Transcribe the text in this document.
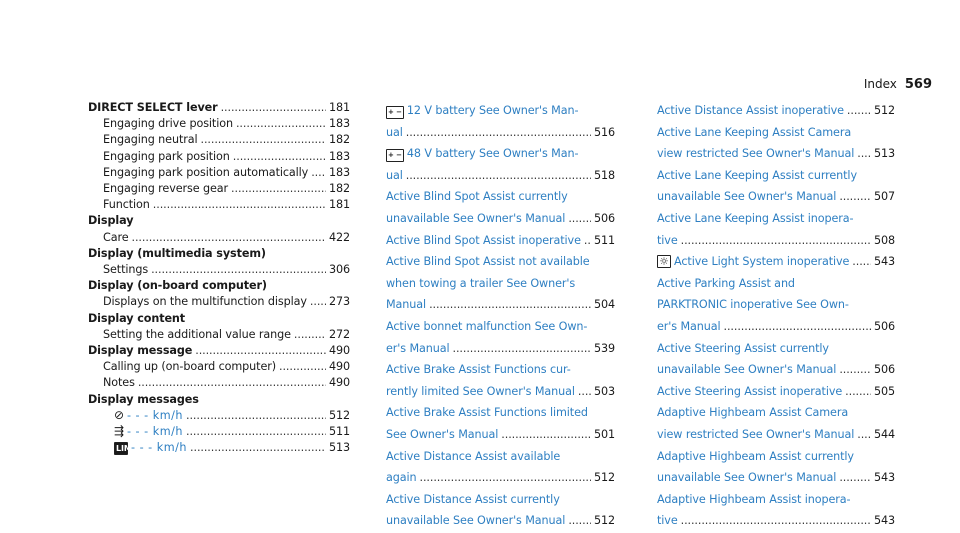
Index 569
DIRECT SELECT lever .....	181
Engaging drive position .....	183
Engaging neutral .....	182
Engaging park position .....	183
Engaging park position automatically ..... 183
Engaging reverse gear .....	182
Function .....	181
Display
Care .....	422
Display (multimedia system)
Settings .....	306
Display (on-board computer)
Displays on the multifunction display ..... 273
Display content
Setting the additional value range .....	272
Display message .....	490
Calling up (on-board computer) .....	490
Notes .....	490
Display messages
⊘ - - - km/h .....	512
⇶ - - - km/h .....	511
LIM - - - km/h .....	513
+ − 12 V battery See Owner's Man-
ual .....	516
+ − 48 V battery See Owner's Man-
ual .....	518
Active Blind Spot Assist currently
unavailable See Owner's Manual .....	506
Active Blind Spot Assist inoperative ..... 511
Active Blind Spot Assist not available
when towing a trailer See Owner's
Manual .....	504
Active bonnet malfunction See Own-
er's Manual .....	539
Active Brake Assist Functions cur-
rently limited See Owner's Manual ..... 503
Active Brake Assist Functions limited
See Owner's Manual .....	501
Active Distance Assist available
again .....	512
Active Distance Assist currently
unavailable See Owner's Manual .....	512
Active Distance Assist inoperative .....	512
Active Lane Keeping Assist Camera
view restricted See Owner's Manual ..... 513
Active Lane Keeping Assist currently
unavailable See Owner's Manual .....	507
Active Lane Keeping Assist inopera-
tive .....	508
☼ Active Light System inoperative ..... 543
Active Parking Assist and
PARKTRONIC inoperative See Own-
er's Manual .....	506
Active Steering Assist currently
unavailable See Owner's Manual .....	506
Active Steering Assist inoperative .....	505
Adaptive Highbeam Assist Camera
view restricted See Owner's Manual ..... 544
Adaptive Highbeam Assist currently
unavailable See Owner's Manual .....	543
Adaptive Highbeam Assist inopera-
tive .....	543
